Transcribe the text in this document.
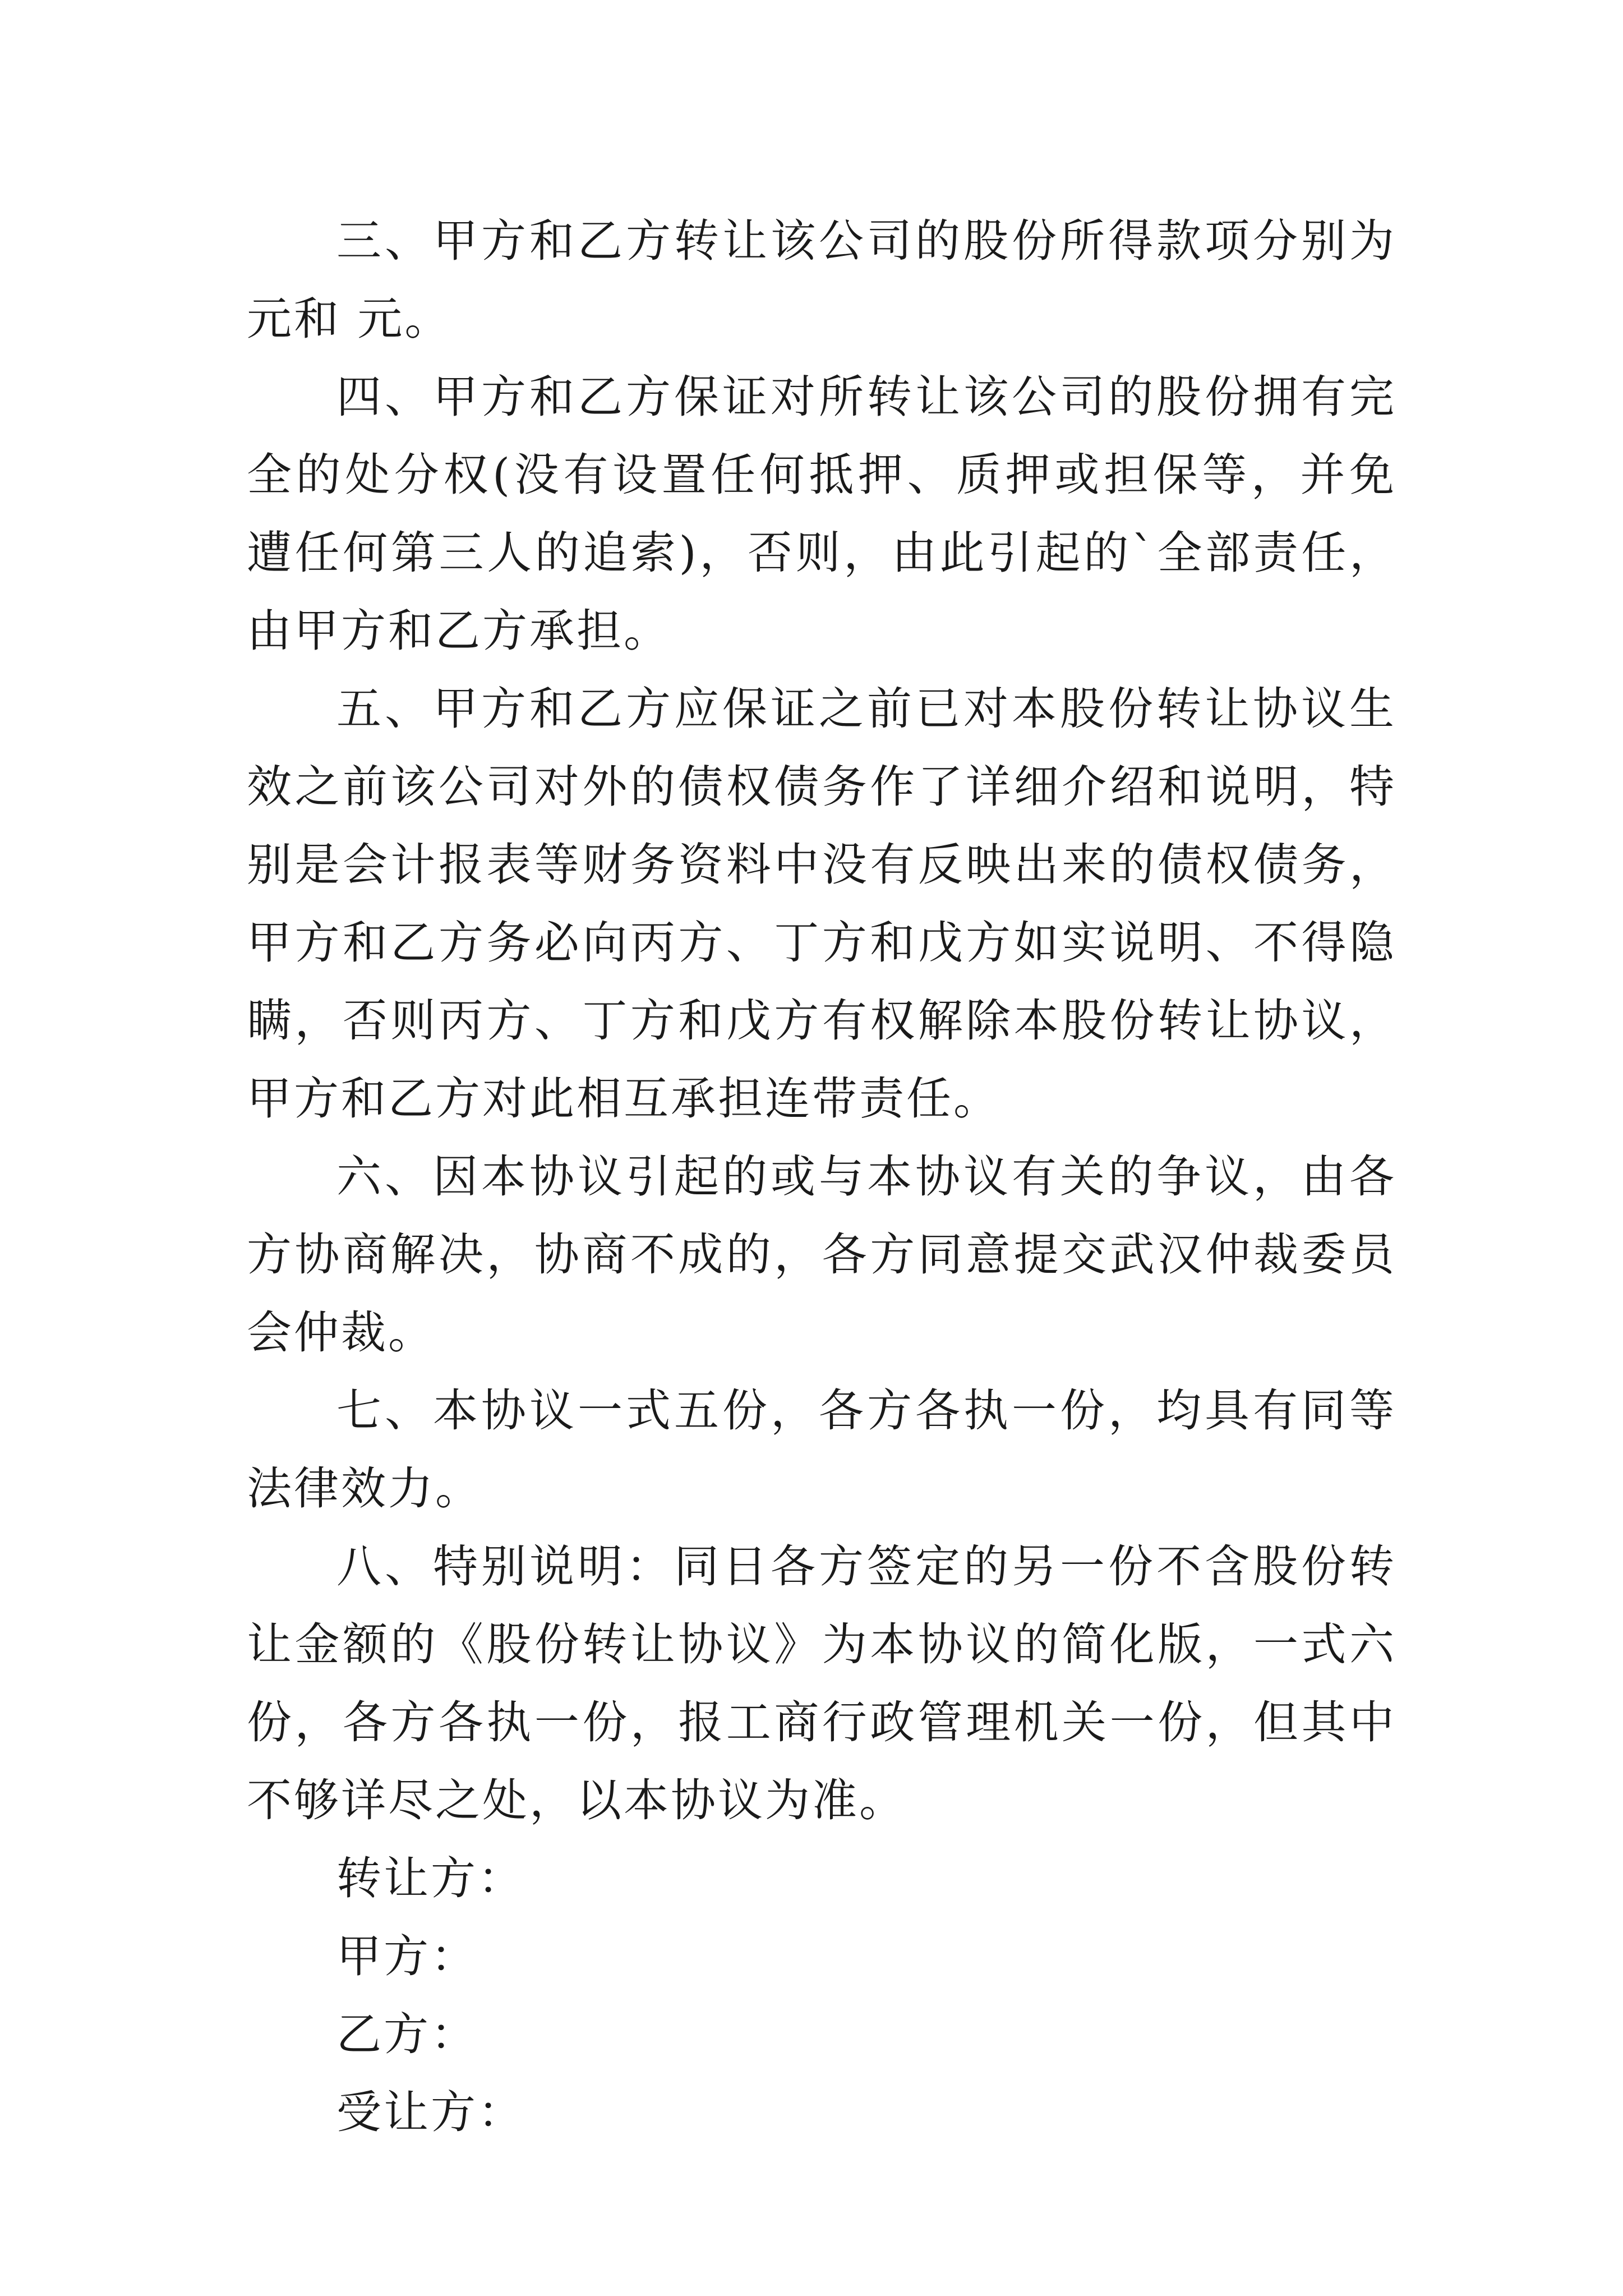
三、甲方和乙方转让该公司的股份所得款项分别为 元和 元。

四、甲方和乙方保证对所转让该公司的股份拥有完全的处分权(没有设置任何抵押、质押或担保等，并免遭任何第三人的追索)，否则，由此引起的`全部责任，由甲方和乙方承担。

五、甲方和乙方应保证之前已对本股份转让协议生效之前该公司对外的债权债务作了详细介绍和说明，特别是会计报表等财务资料中没有反映出来的债权债务，甲方和乙方务必向丙方、丁方和戊方如实说明、不得隐瞒，否则丙方、丁方和戊方有权解除本股份转让协议，甲方和乙方对此相互承担连带责任。

六、因本协议引起的或与本协议有关的争议，由各方协商解决，协商不成的，各方同意提交武汉仲裁委员会仲裁。

七、本协议一式五份，各方各执一份，均具有同等法律效力。

八、特别说明：同日各方签定的另一份不含股份转让金额的《股份转让协议》为本协议的简化版，一式六份，各方各执一份，报工商行政管理机关一份，但其中不够详尽之处，以本协议为准。

转让方：

甲方：

乙方：

受让方：
